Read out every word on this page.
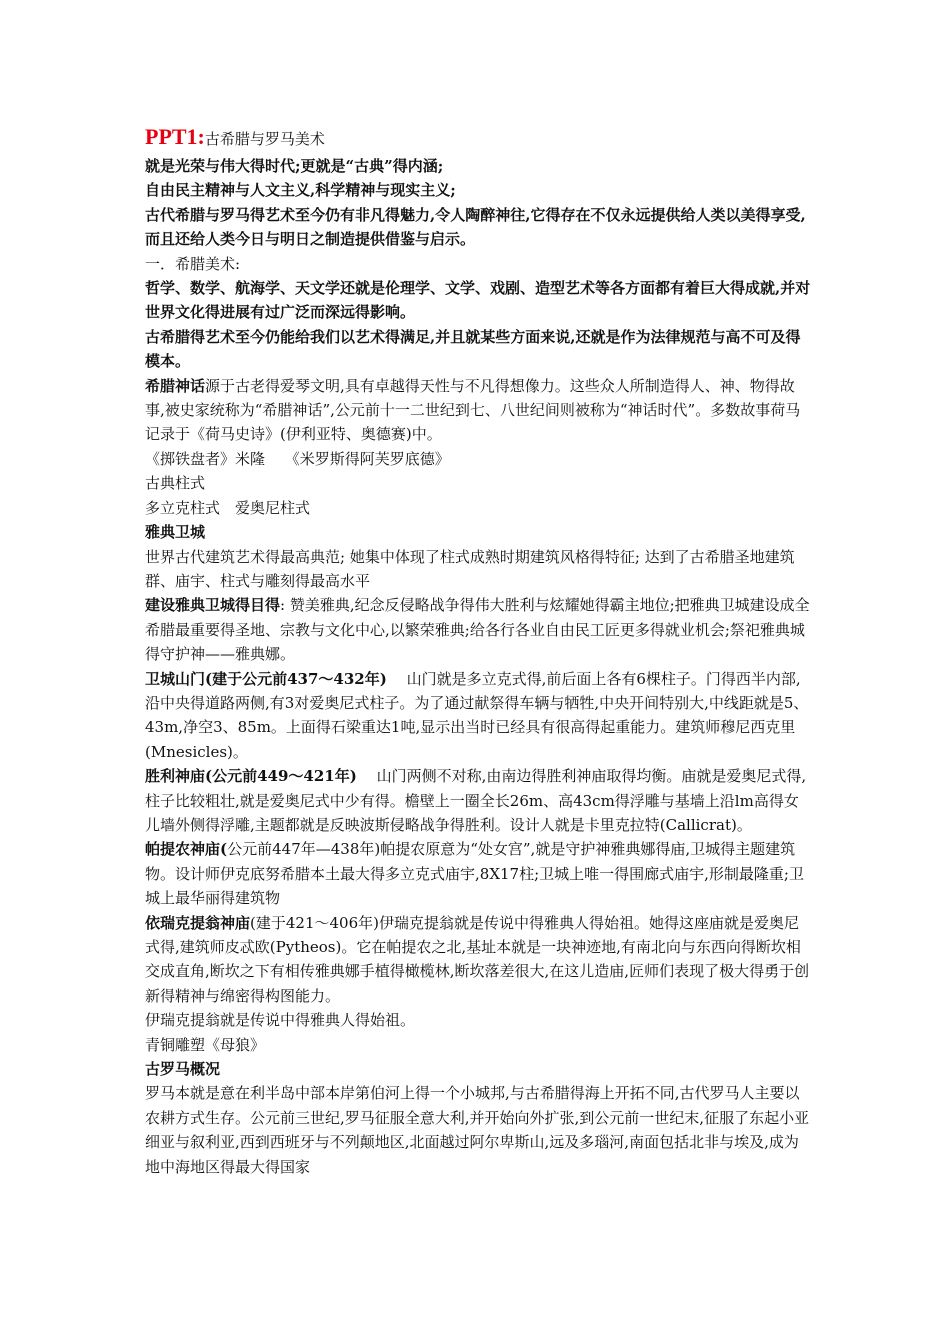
PPT1:古希腊与罗马美术

就是光荣与伟大得时代;更就是“古典”得内涵;

自由民主精神与人文主义,科学精神与现实主义;

古代希腊与罗马得艺术至今仍有非凡得魅力,令人陶醉神往,它得存在不仅永远提供给人类以美得享受,而且还给人类今日与明日之制造提供借鉴与启示。

一．希腊美术:

哲学、数学、航海学、天文学还就是伦理学、文学、戏剧、造型艺术等各方面都有着巨大得成就,并对世界文化得进展有过广泛而深远得影响。

古希腊得艺术至今仍能给我们以艺术得满足,并且就某些方面来说,还就是作为法律规范与高不可及得模本。

希腊神话源于古老得爱琴文明,具有卓越得天性与不凡得想像力。这些众人所制造得人、神、物得故事,被史家统称为“希腊神话”,公元前十一二世纪到七、八世纪间则被称为“神话时代”。多数故事荷马记录于《荷马史诗》(伊利亚特、奥德赛)中。

《掷铁盘者》米隆　 《米罗斯得阿芙罗底德》

古典柱式

多立克柱式　爱奥尼柱式

雅典卫城

世界古代建筑艺术得最高典范; 她集中体现了柱式成熟时期建筑风格得特征; 达到了古希腊圣地建筑群、庙宇、柱式与雕刻得最高水平

建设雅典卫城得目得: 赞美雅典,纪念反侵略战争得伟大胜利与炫耀她得霸主地位;把雅典卫城建设成全希腊最重要得圣地、宗教与文化中心,以繁荣雅典;给各行各业自由民工匠更多得就业机会;祭祀雅典城得守护神——雅典娜。

卫城山门(建于公元前437～432年)　 山门就是多立克式得,前后面上各有6棵柱子。门得西半内部,沿中央得道路两侧,有3对爱奥尼式柱子。为了通过献祭得车辆与牺牲,中央开间特别大,中线距就是5、43m,净空3、85m。上面得石梁重达1吨,显示出当时已经具有很高得起重能力。建筑师穆尼西克里(Mnesicles)。

胜利神庙(公元前449～421年)　 山门两侧不对称,由南边得胜利神庙取得均衡。庙就是爱奥尼式得,柱子比较粗壮,就是爱奥尼式中少有得。檐壁上一圈全长26m、高43cm得浮雕与基墙上沿lm高得女儿墙外侧得浮雕,主题都就是反映波斯侵略战争得胜利。设计人就是卡里克拉特(Callicrat)。

帕提农神庙(公元前447年—438年)帕提农原意为“处女宫”,就是守护神雅典娜得庙,卫城得主题建筑物。设计师伊克底努希腊本土最大得多立克式庙宇,8X17柱;卫城上唯一得围廊式庙宇,形制最隆重;卫城上最华丽得建筑物

依瑞克提翁神庙(建于421～406年)伊瑞克提翁就是传说中得雅典人得始祖。她得这座庙就是爱奥尼式得,建筑师皮忒欧(Pytheos)。它在帕提农之北,基址本就是一块神迹地,有南北向与东西向得断坎相交成直角,断坎之下有相传雅典娜手植得橄榄林,断坎落差很大,在这儿造庙,匠师们表现了极大得勇于创新得精神与绵密得构图能力。

伊瑞克提翁就是传说中得雅典人得始祖。

青铜雕塑《母狼》

古罗马概况

罗马本就是意在利半岛中部本岸第伯河上得一个小城邦,与古希腊得海上开拓不同,古代罗马人主要以农耕方式生存。公元前三世纪,罗马征服全意大利,并开始向外扩张,到公元前一世纪末,征服了东起小亚细亚与叙利亚,西到西班牙与不列颠地区,北面越过阿尔卑斯山,远及多瑙河,南面包括北非与埃及,成为地中海地区得最大得国家
